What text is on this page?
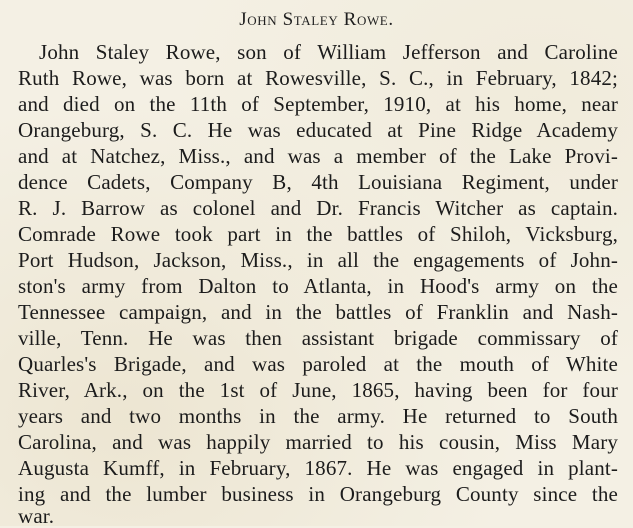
John Staley Rowe.
John Staley Rowe, son of William Jefferson and Caroline
Ruth Rowe, was born at Rowesville, S. C., in February, 1842;
and died on the 11th of September, 1910, at his home, near
Orangeburg, S. C. He was educated at Pine Ridge Academy
and at Natchez, Miss., and was a member of the Lake Provi-
dence Cadets, Company B, 4th Louisiana Regiment, under
R. J. Barrow as colonel and Dr. Francis Witcher as captain.
Comrade Rowe took part in the battles of Shiloh, Vicksburg,
Port Hudson, Jackson, Miss., in all the engagements of John-
ston's army from Dalton to Atlanta, in Hood's army on the
Tennessee campaign, and in the battles of Franklin and Nash-
ville, Tenn. He was then assistant brigade commissary of
Quarles's Brigade, and was paroled at the mouth of White
River, Ark., on the 1st of June, 1865, having been for four
years and two months in the army. He returned to South
Carolina, and was happily married to his cousin, Miss Mary
Augusta Kumff, in February, 1867. He was engaged in plant-
ing and the lumber business in Orangeburg County since the
war.
